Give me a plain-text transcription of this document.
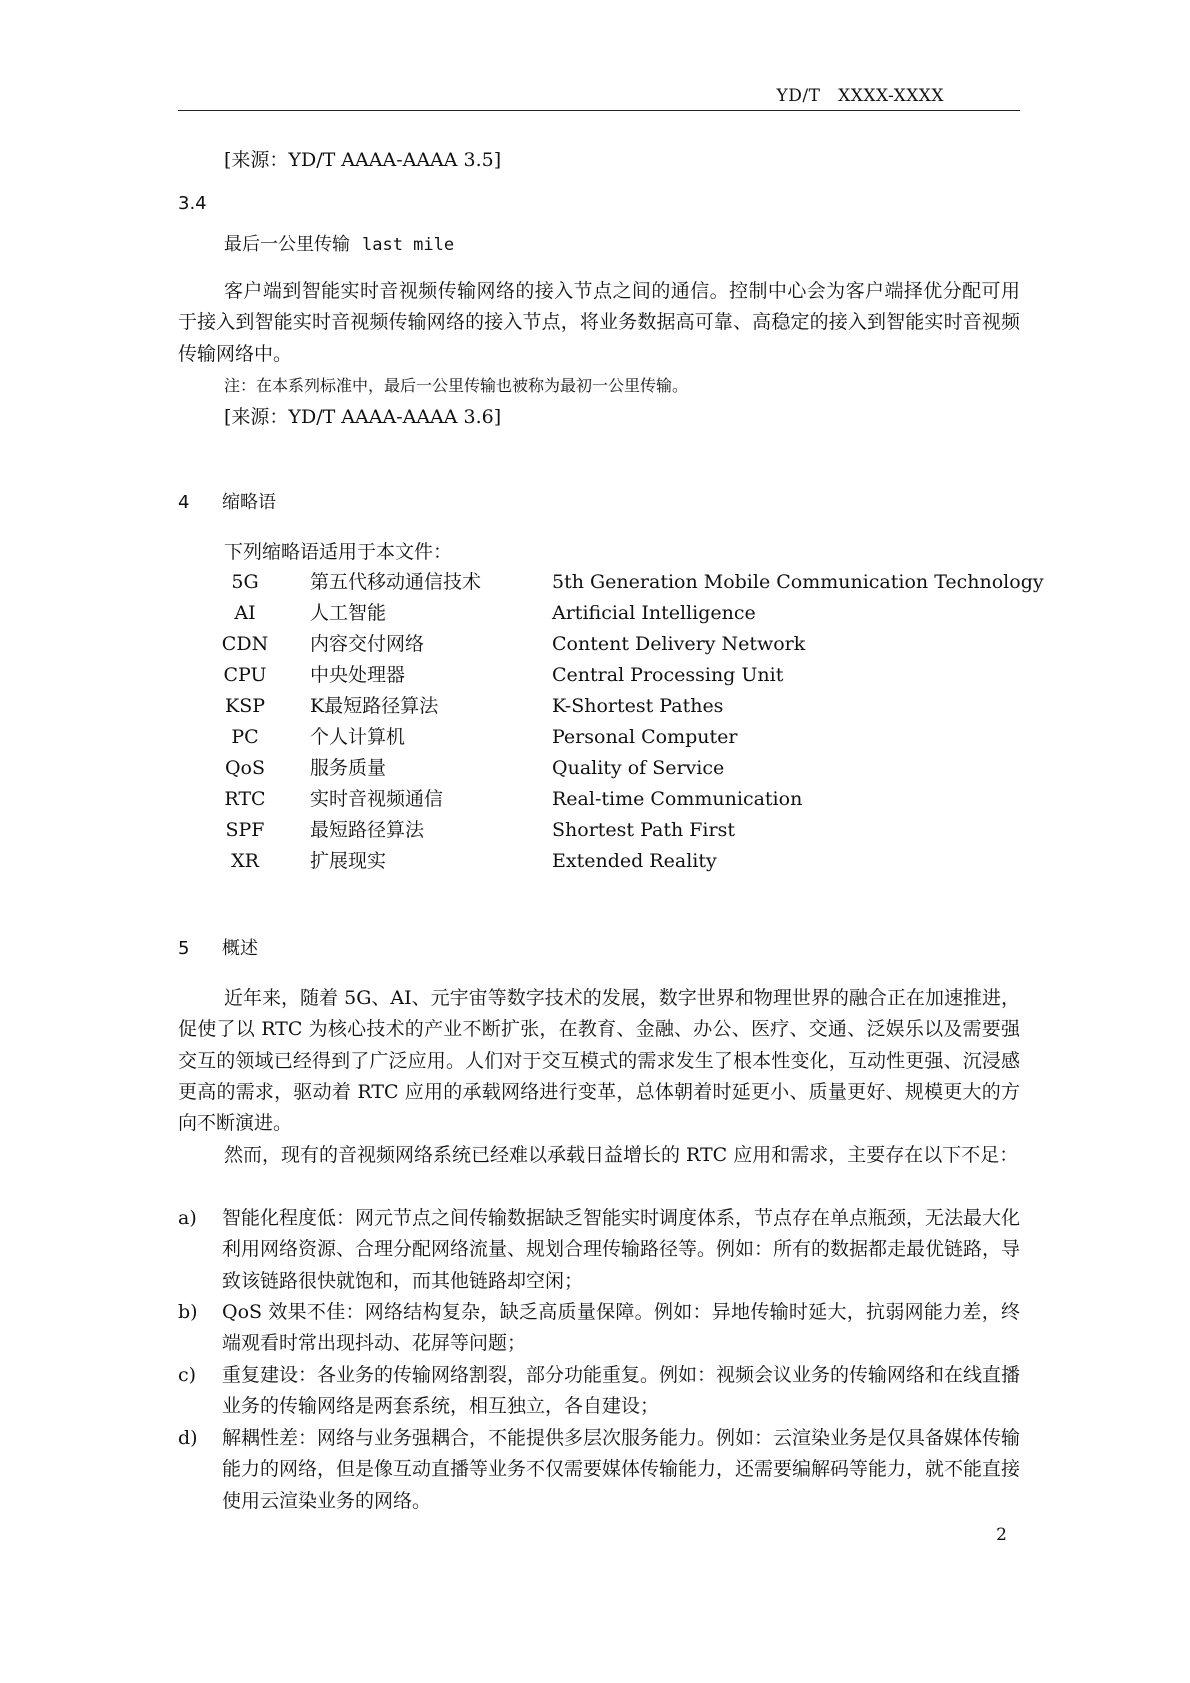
YD/T   XXXX-XXXX
[来源：YD/T AAAA-AAAA 3.5]
3.4
最后一公里传输 last mile
客户端到智能实时音视频传输网络的接入节点之间的通信。控制中心会为客户端择优分配可用于接入到智能实时音视频传输网络的接入节点，将业务数据高可靠、高稳定的接入到智能实时音视频传输网络中。
注：在本系列标准中，最后一公里传输也被称为最初一公里传输。
[来源：YD/T AAAA-AAAA 3.6]
4 缩略语
下列缩略语适用于本文件：
5G	第五代移动通信技术	5th Generation Mobile Communication Technology
AI	人工智能	Artificial Intelligence
CDN 内容交付网络	Content Delivery Network
CPU 中央处理器	Central Processing Unit
KSP	K最短路径算法	K-Shortest Pathes
PC	个人计算机	Personal Computer
QoS	服务质量	Quality of Service
RTC	实时音视频通信	Real-time Communication
SPF	最短路径算法	Shortest Path First
XR	扩展现实	Extended Reality
5 概述
近年来，随着 5G、AI、元宇宙等数字技术的发展，数字世界和物理世界的融合正在加速推进，促使了以 RTC 为核心技术的产业不断扩张，在教育、金融、办公、医疗、交通、泛娱乐以及需要强交互的领域已经得到了广泛应用。人们对于交互模式的需求发生了根本性变化，互动性更强、沉浸感更高的需求，驱动着 RTC 应用的承载网络进行变革，总体朝着时延更小、质量更好、规模更大的方向不断演进。
然而，现有的音视频网络系统已经难以承载日益增长的 RTC 应用和需求，主要存在以下不足：
a) 智能化程度低：网元节点之间传输数据缺乏智能实时调度体系，节点存在单点瓶颈，无法最大化利用网络资源、合理分配网络流量、规划合理传输路径等。例如：所有的数据都走最优链路，导致该链路很快就饱和，而其他链路却空闲；
b) QoS 效果不佳：网络结构复杂，缺乏高质量保障。例如：异地传输时延大，抗弱网能力差，终端观看时常出现抖动、花屏等问题；
c) 重复建设：各业务的传输网络割裂，部分功能重复。例如：视频会议业务的传输网络和在线直播业务的传输网络是两套系统，相互独立，各自建设；
d) 解耦性差：网络与业务强耦合，不能提供多层次服务能力。例如：云渲染业务是仅具备媒体传输能力的网络，但是像互动直播等业务不仅需要媒体传输能力，还需要编解码等能力，就不能直接使用云渲染业务的网络。
2
